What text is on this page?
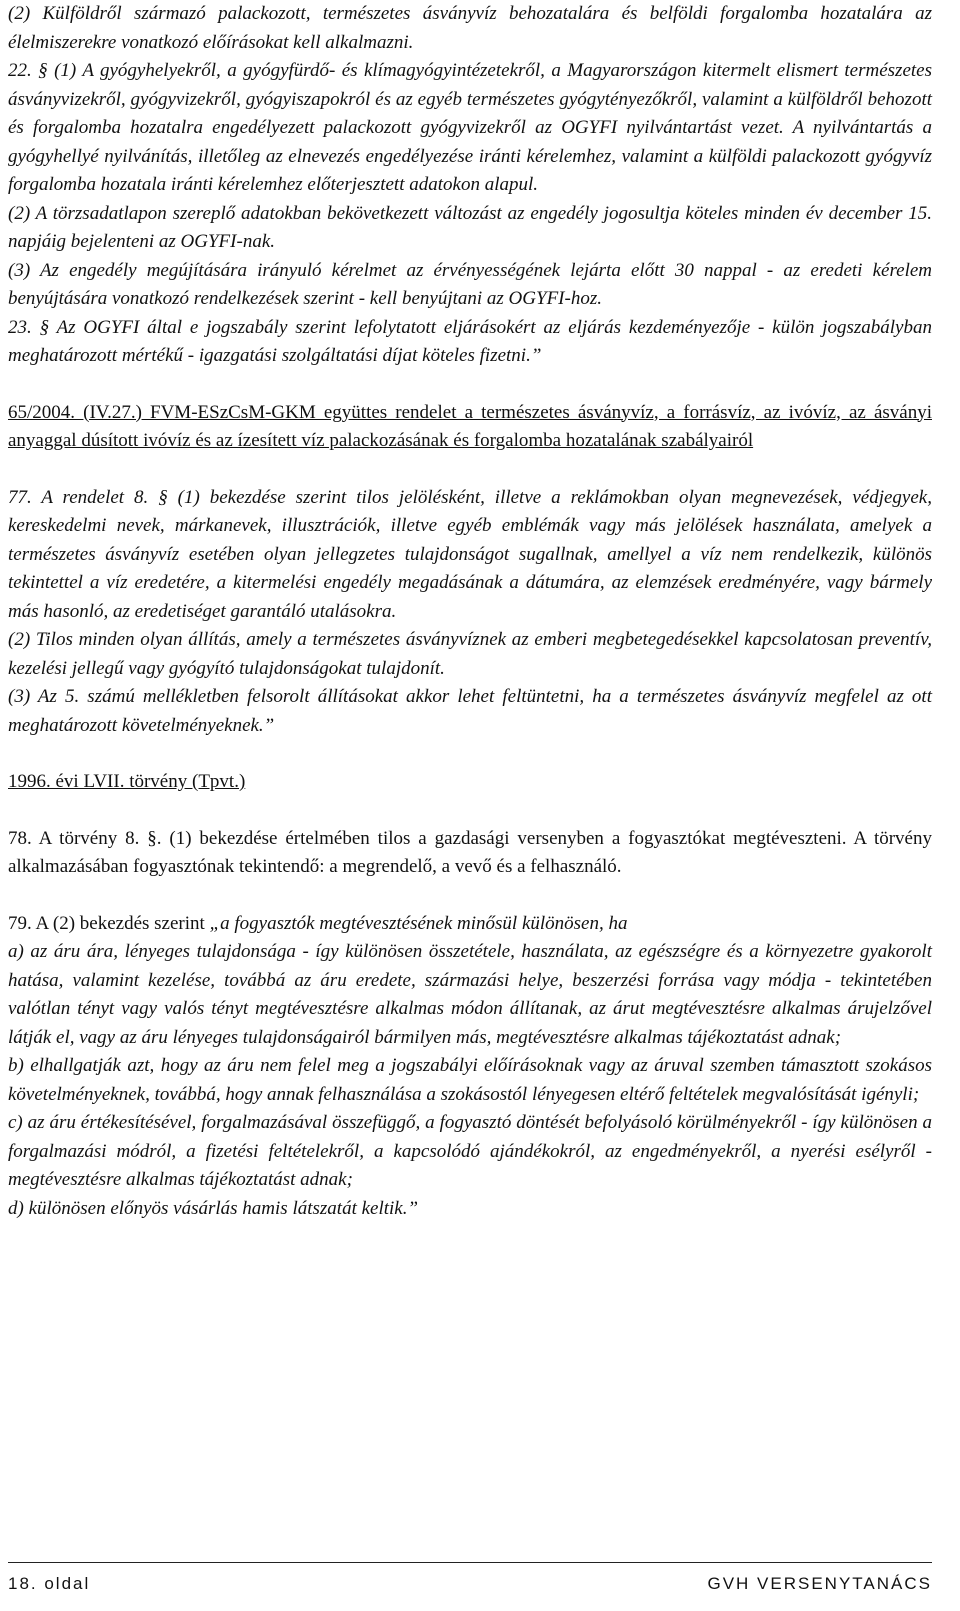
(2) Külföldről származó palackozott, természetes ásványvíz behozatalára és belföldi forgalomba hozatalára az élelmiszerekre vonatkozó előírásokat kell alkalmazni.

22. § (1) A gyógyhelyekről, a gyógyfürdő- és klímagyógyintézetekről, a Magyarországon kitermelt elismert természetes ásványvizekről, gyógyvizekről, gyógyiszapokról és az egyéb természetes gyógytényezőkről, valamint a külföldről behozott és forgalomba hozatalra engedélyezett palackozott gyógyvizekről az OGYFI nyilvántartást vezet. A nyilvántartás a gyógyhellyé nyilvánítás, illetőleg az elnevezés engedélyezése iránti kérelemhez, valamint a külföldi palackozott gyógyvíz forgalomba hozatala iránti kérelemhez előterjesztett adatokon alapul.

(2) A törzsadatlapon szereplő adatokban bekövetkezett változást az engedély jogosultja köteles minden év december 15. napjáig bejelenteni az OGYFI-nak.

(3) Az engedély megújítására irányuló kérelmet az érvényességének lejárta előtt 30 nappal - az eredeti kérelem benyújtására vonatkozó rendelkezések szerint - kell benyújtani az OGYFI-hoz.

23. § Az OGYFI által e jogszabály szerint lefolytatott eljárásokért az eljárás kezdeményezője - külön jogszabályban meghatározott mértékű - igazgatási szolgáltatási díjat köteles fizetni.”

65/2004. (IV.27.) FVM-ESzCsM-GKM együttes rendelet a természetes ásványvíz, a forrásvíz, az ivóvíz, az ásványi anyaggal dúsított ivóvíz és az ízesített víz palackozásának és forgalomba hozatalának szabályairól

77. A rendelet 8. § (1) bekezdése szerint tilos jelölésként, illetve a reklámokban olyan megnevezések, védjegyek, kereskedelmi nevek, márkanevek, illusztrációk, illetve egyéb emblémák vagy más jelölések használata, amelyek a természetes ásványvíz esetében olyan jellegzetes tulajdonságot sugallnak, amellyel a víz nem rendelkezik, különös tekintettel a víz eredetére, a kitermelési engedély megadásának a dátumára, az elemzések eredményére, vagy bármely más hasonló, az eredetiséget garantáló utalásokra.

(2) Tilos minden olyan állítás, amely a természetes ásványvíznek az emberi megbetegedésekkel kapcsolatosan preventív, kezelési jellegű vagy gyógyító tulajdonságokat tulajdonít.

(3) Az 5. számú mellékletben felsorolt állításokat akkor lehet feltüntetni, ha a természetes ásványvíz megfelel az ott meghatározott követelményeknek.”

1996. évi LVII. törvény (Tpvt.)

78. A törvény 8. §. (1) bekezdése értelmében tilos a gazdasági versenyben a fogyasztókat megtéveszteni. A törvény alkalmazásában fogyasztónak tekintendő: a megrendelő, a vevő és a felhasználó.

79. A (2) bekezdés szerint „a fogyasztók megtévesztésének minősül különösen, ha

a) az áru ára, lényeges tulajdonsága - így különösen összetétele, használata, az egészségre és a környezetre gyakorolt hatása, valamint kezelése, továbbá az áru eredete, származási helye, beszerzési forrása vagy módja - tekintetében valótlan tényt vagy valós tényt megtévesztésre alkalmas módon állítanak, az árut megtévesztésre alkalmas árujelzővel látják el, vagy az áru lényeges tulajdonságairól bármilyen más, megtévesztésre alkalmas tájékoztatást adnak;

b) elhallgatják azt, hogy az áru nem felel meg a jogszabályi előírásoknak vagy az áruval szemben támasztott szokásos követelményeknek, továbbá, hogy annak felhasználása a szokásostól lényegesen eltérő feltételek megvalósítását igényli;

c) az áru értékesítésével, forgalmazásával összefüggő, a fogyasztó döntését befolyásoló körülményekről - így különösen a forgalmazási módról, a fizetési feltételekről, a kapcsolódó ajándékokról, az engedményekről, a nyerési esélyről - megtévesztésre alkalmas tájékoztatást adnak;

d) különösen előnyös vásárlás hamis látszatát keltik.”

18. oldal	GVH VERSENYTANÁCS
